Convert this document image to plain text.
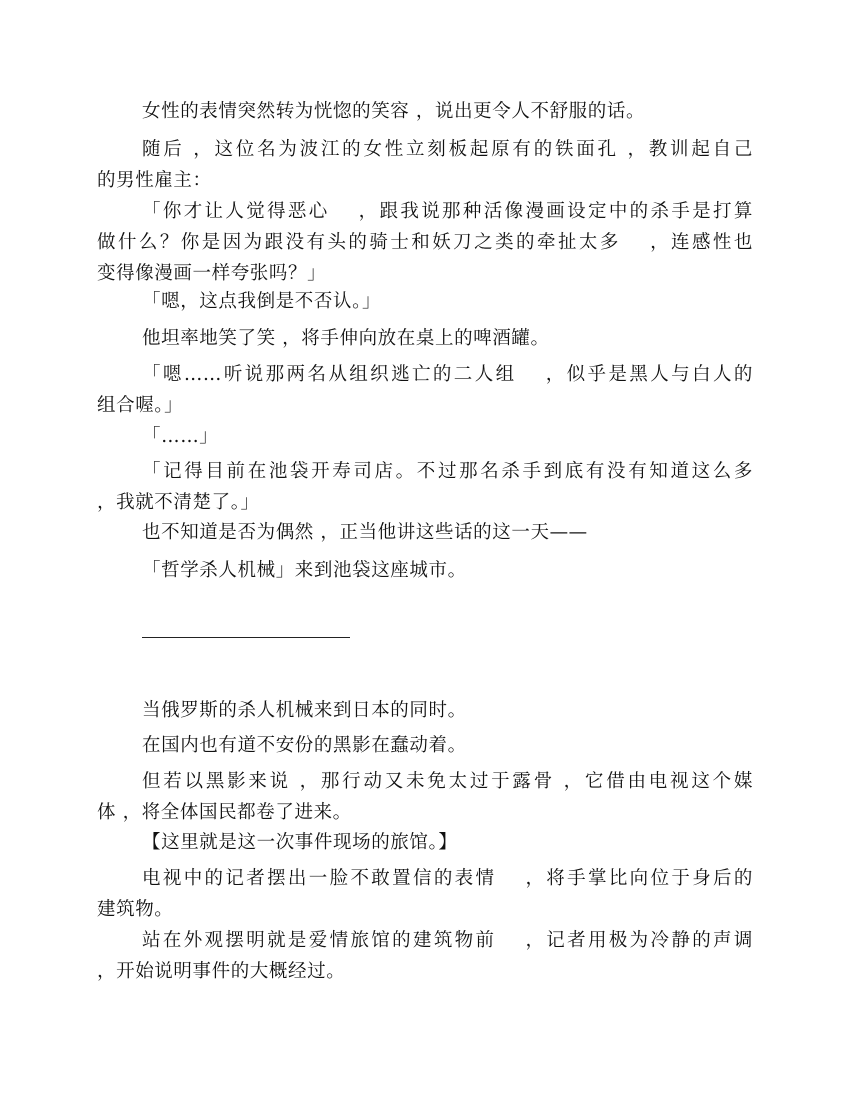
女性的表情突然转为恍惚的笑容 ，说出更令人不舒服的话。
随后 ，这位名为波江的女性立刻板起原有的铁面孔 ，教训起自己
的男性雇主：
「你才让人觉得恶心　 ，跟我说那种活像漫画设定中的杀手是打算
做什么？你是因为跟没有头的骑士和妖刀之类的牵扯太多　 ，连感性也
变得像漫画一样夸张吗？」
「嗯，这点我倒是不否认。」
他坦率地笑了笑 ，将手伸向放在桌上的啤酒罐。
「嗯……听说那两名从组织逃亡的二人组　 ，似乎是黑人与白人的
组合喔。」
「……」
「记得目前在池袋开寿司店。不过那名杀手到底有没有知道这么多
，我就不清楚了。」
也不知道是否为偶然 ，正当他讲这些话的这一天——
「哲学杀人机械」来到池袋这座城市。
当俄罗斯的杀人机械来到日本的同时。
在国内也有道不安份的黑影在蠢动着。
但若以黑影来说 ，那行动又未免太过于露骨 ，它借由电视这个媒
体 ，将全体国民都卷了进来。
【这里就是这一次事件现场的旅馆。】
电视中的记者摆出一脸不敢置信的表情　 ，将手掌比向位于身后的
建筑物。
站在外观摆明就是爱情旅馆的建筑物前　 ，记者用极为冷静的声调
，开始说明事件的大概经过。
